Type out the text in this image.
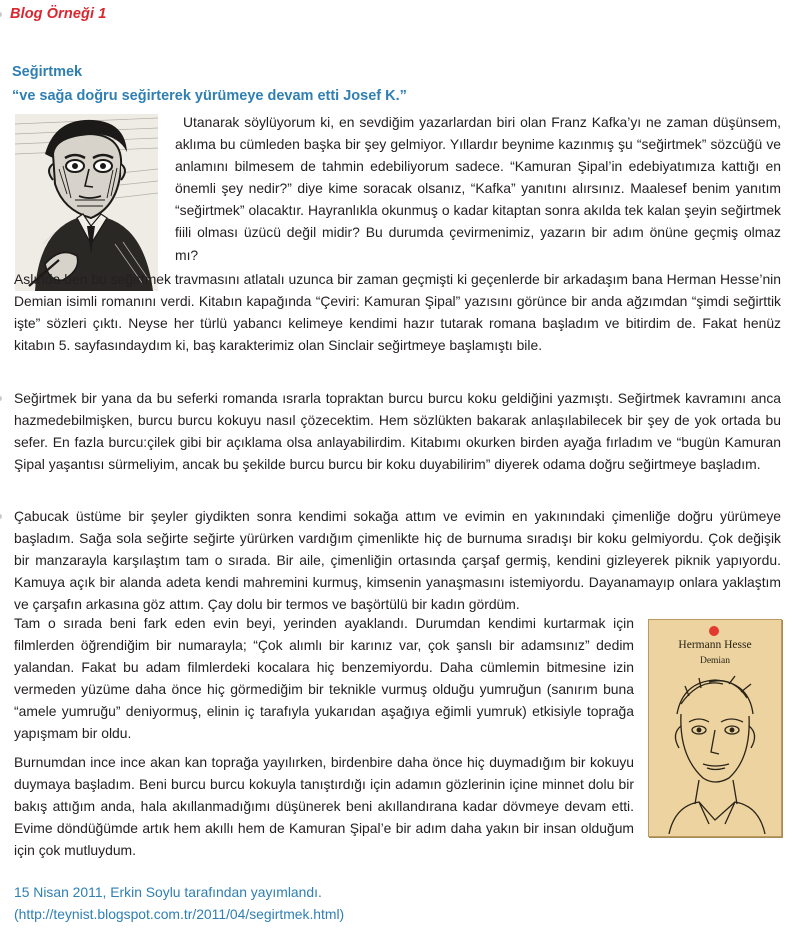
Blog Örneği 1
Seğirtmek
“ve sağa doğru seğirterek yürümeye devam etti Josef K.”

Utanarak söylüyorum ki, en sevdiğim yazarlardan biri olan Franz Kafka’yı ne zaman düşünsem, aklıma bu cümleden başka bir şey gelmiyor. Yıllardır beynime kazınmış şu “seğirtmek” sözcüğü ve anlamını bilmesem de tahmin edebiliyorum sadece. “Kamuran Şipal’in edebiyatımıza kattığı en önemli şey nedir?” diye kime soracak olsanız, “Kafka” yanıtını alırsınız. Maalesef benim yanıtım “seğirtmek” olacaktır. Hayranlıkla okunmuş o kadar kitaptan sonra akılda tek kalan şeyin seğirtmek fiili olması üzücü değil midir? Bu durumda çevirmenimiz, yazarın bir adım önüne geçmiş olmaz mı?

Aslında ben bu seğirtmek travmasını atlatalı uzunca bir zaman geçmişti ki geçenlerde bir arkadaşım bana Herman Hesse’nin Demian isimli romanını verdi. Kitabın kapağında “Çeviri: Kamuran Şipal” yazısını görünce bir anda ağzımdan “şimdi seğirttik işte” sözleri çıktı. Neyse her türlü yabancı kelimeye kendimi hazır tutarak romana başladım ve bitirdim de. Fakat henüz kitabın 5. sayfasındaydım ki, baş karakterimiz olan Sinclair seğirtmeye başlamıştı bile.

Seğirtmek bir yana da bu seferki romanda ısrarla topraktan burcu burcu koku geldiğini yazmıştı. Seğirtmek kavramını anca hazmedebilmişken, burcu burcu kokuyu nasıl çözecektim. Hem sözlükten bakarak anlaşılabilecek bir şey de yok ortada bu sefer. En fazla burcu:çilek gibi bir açıklama olsa anlayabilirdim. Kitabımı okurken birden ayağa fırladım ve “bugün Kamuran Şipal yaşantısı sürmeliyim, ancak bu şekilde burcu burcu bir koku duyabilirim” diyerek odama doğru seğirtmeye başladım.

Çabucak üstüme bir şeyler giydikten sonra kendimi sokağa attım ve evimin en yakınındaki çimenliğe doğru yürümeye başladım. Sağa sola seğirte seğirte yürürken vardığım çimenlikte hiç de burnuma sıradışı bir koku gelmiyordu. Çok değişik bir manzarayla karşılaştım tam o sırada. Bir aile, çimenliğin ortasında çarşaf germiş, kendini gizleyerek piknik yapıyordu. Kamuya açık bir alanda adeta kendi mahremini kurmuş, kimsenin yanaşmasını istemiyordu. Dayanamayıp onlara yaklaştım ve çarşafın arkasına göz attım. Çay dolu bir termos ve başörtülü bir kadın gördüm.

Tam o sırada beni fark eden evin beyi, yerinden ayaklandı. Durumdan kendimi kurtarmak için filmlerden öğrendiğim bir numarayla; “Çok alımlı bir karınız var, çok şanslı bir adamsınız” dedim yalandan. Fakat bu adam filmlerdeki kocalara hiç benzemiyordu. Daha cümlemin bitmesine izin vermeden yüzüme daha önce hiç görmediğim bir teknikle vurmuş olduğu yumruğun (sanırım buna “amele yumruğu” deniyormuş, elinin iç tarafıyla yukarıdan aşağıya eğimli yumruk) etkisiyle toprağa yapışmam bir oldu.

Burnumdan ince ince akan kan toprağa yayılırken, birdenbire daha önce hiç duymadığım bir kokuyu duymaya başladım. Beni burcu burcu kokuyla tanıştırdığı için adamın gözlerinin içine minnet dolu bir bakış attığım anda, hala akıllanmadığımı düşünerek beni akıllandırana kadar dövmeye devam etti. Evime döndüğümde artık hem akıllı hem de Kamuran Şipal’e bir adım daha yakın bir insan olduğum için çok mutluydum.

Hermann Hesse
Demian
15 Nisan 2011, Erkin Soylu tarafından yayımlandı.
(http://teynist.blogspot.com.tr/2011/04/segirtmek.html)
